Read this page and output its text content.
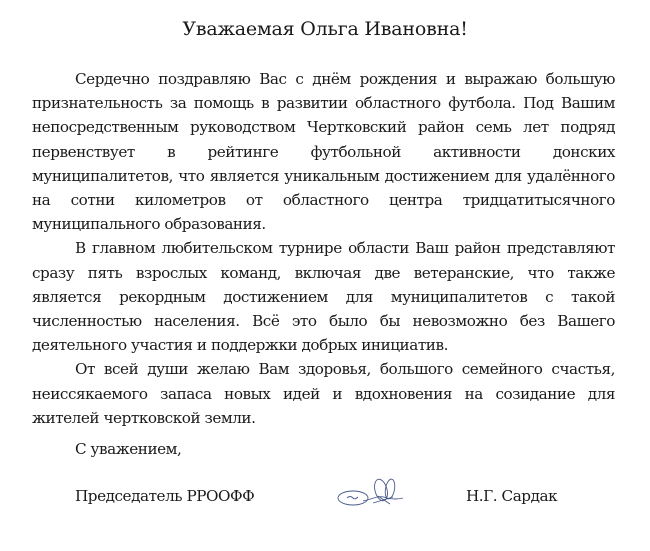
Уважаемая Ольга Ивановна!

Сердечно поздравляю Вас с днём рождения и выражаю большую признательность за помощь в развитии областного футбола. Под Вашим непосредственным руководством Чертковский район семь лет подряд первенствует в рейтинге футбольной активности донских муниципалитетов, что является уникальным достижением для удалённого на сотни километров от областного центра тридцатитысячного муниципального образования.

В главном любительском турнире области Ваш район представляют сразу пять взрослых команд, включая две ветеранские, что также является рекордным достижением для муниципалитетов с такой численностью населения. Всё это было бы невозможно без Вашего деятельного участия и поддержки добрых инициатив.

От всей души желаю Вам здоровья, большого семейного счастья, неиссякаемого запаса новых идей и вдохновения на созидание для жителей чертковской земли.

С уважением,
Председатель РРООФФ	Н.Г. Сардак
